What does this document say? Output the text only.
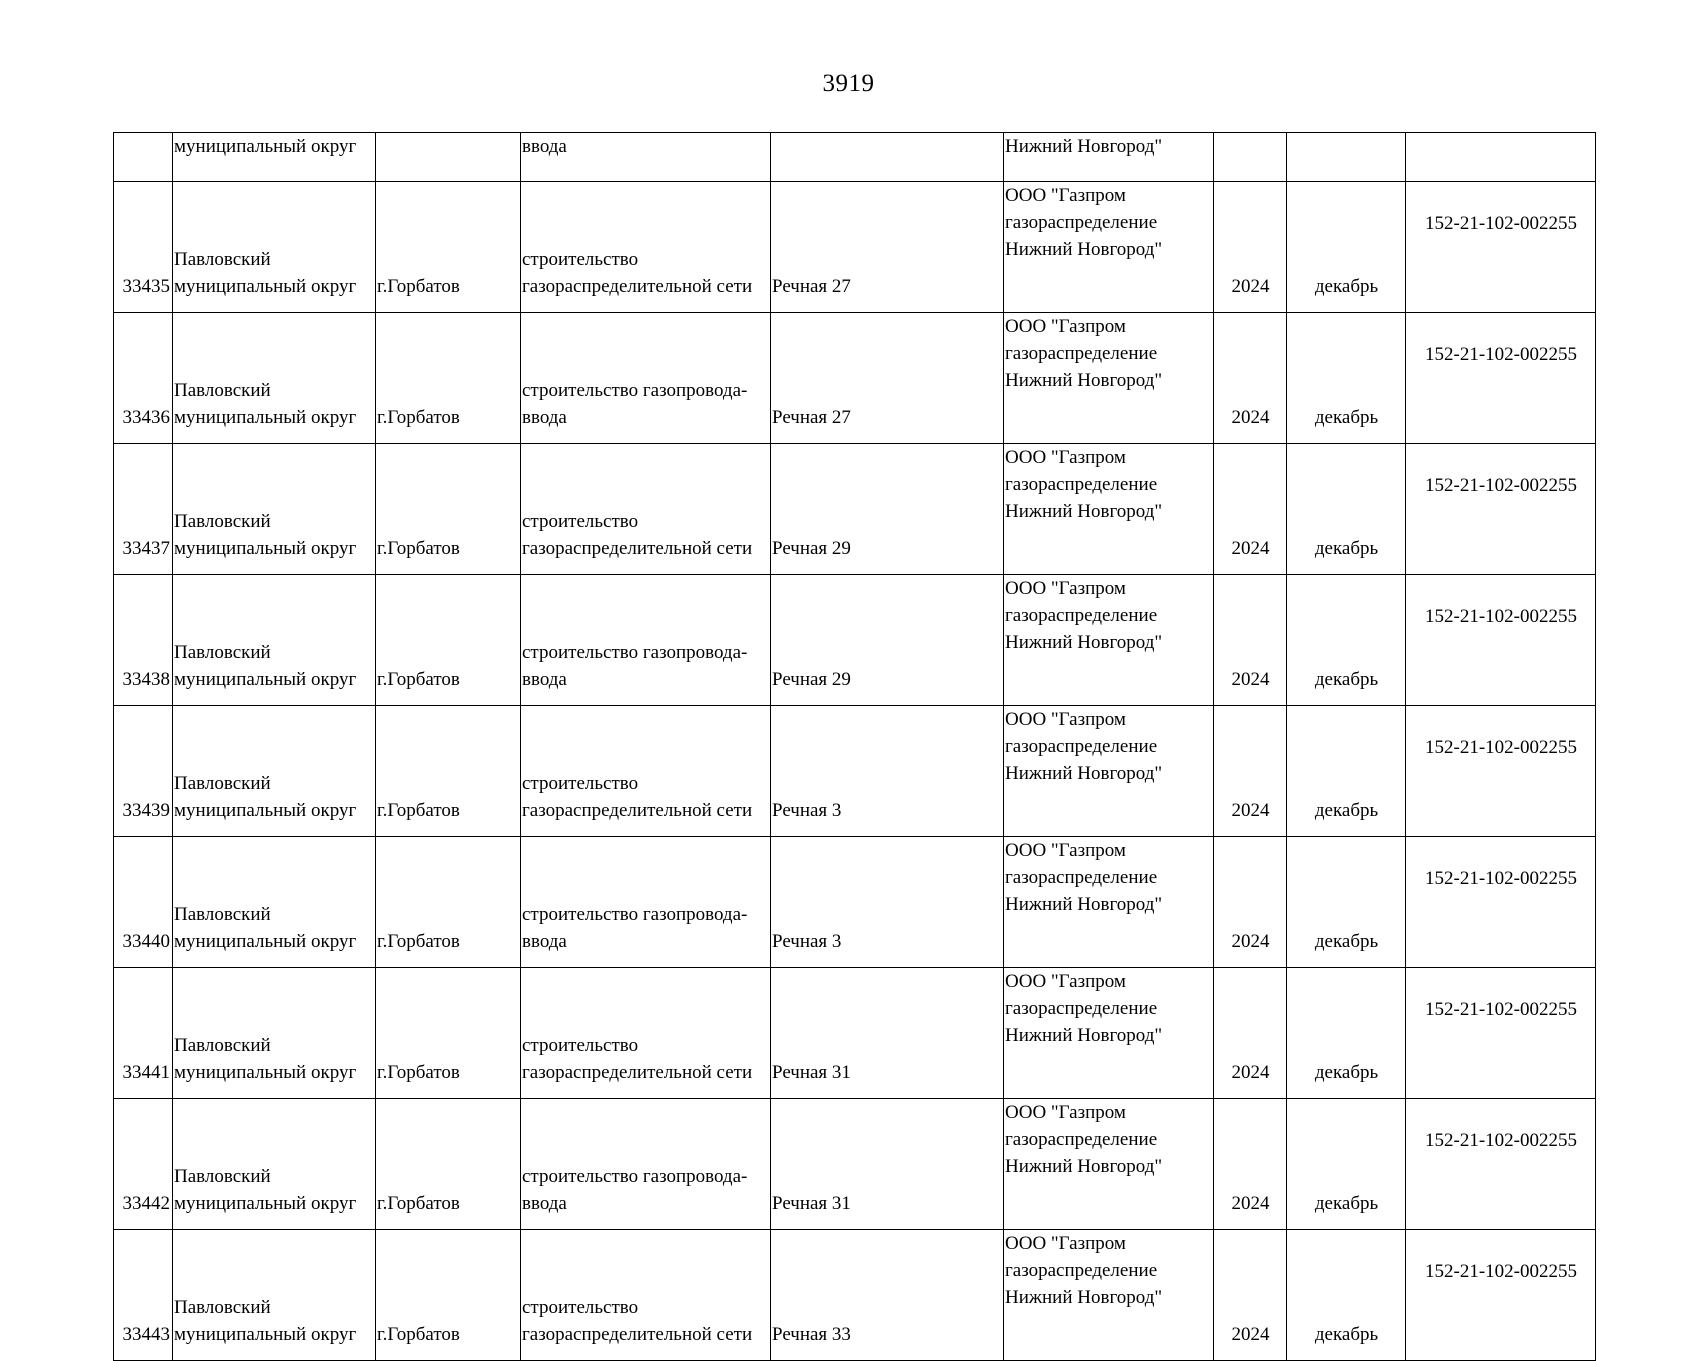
3919
	муниципальный округ		ввода		Нижний Новгород"			
33435	Павловский
муниципальный округ	г.Горбатов	строительство
газораспределительной сети	Речная 27	ООО "Газпром
газораспределение
Нижний Новгород"	2024	декабрь	152-21-102-002255
33436	Павловский
муниципальный округ	г.Горбатов	строительство газопровода-
ввода	Речная 27	ООО "Газпром
газораспределение
Нижний Новгород"	2024	декабрь	152-21-102-002255
33437	Павловский
муниципальный округ	г.Горбатов	строительство
газораспределительной сети	Речная 29	ООО "Газпром
газораспределение
Нижний Новгород"	2024	декабрь	152-21-102-002255
33438	Павловский
муниципальный округ	г.Горбатов	строительство газопровода-
ввода	Речная 29	ООО "Газпром
газораспределение
Нижний Новгород"	2024	декабрь	152-21-102-002255
33439	Павловский
муниципальный округ	г.Горбатов	строительство
газораспределительной сети	Речная 3	ООО "Газпром
газораспределение
Нижний Новгород"	2024	декабрь	152-21-102-002255
33440	Павловский
муниципальный округ	г.Горбатов	строительство газопровода-
ввода	Речная 3	ООО "Газпром
газораспределение
Нижний Новгород"	2024	декабрь	152-21-102-002255
33441	Павловский
муниципальный округ	г.Горбатов	строительство
газораспределительной сети	Речная 31	ООО "Газпром
газораспределение
Нижний Новгород"	2024	декабрь	152-21-102-002255
33442	Павловский
муниципальный округ	г.Горбатов	строительство газопровода-
ввода	Речная 31	ООО "Газпром
газораспределение
Нижний Новгород"	2024	декабрь	152-21-102-002255
33443	Павловский
муниципальный округ	г.Горбатов	строительство
газораспределительной сети	Речная 33	ООО "Газпром
газораспределение
Нижний Новгород"	2024	декабрь	152-21-102-002255
